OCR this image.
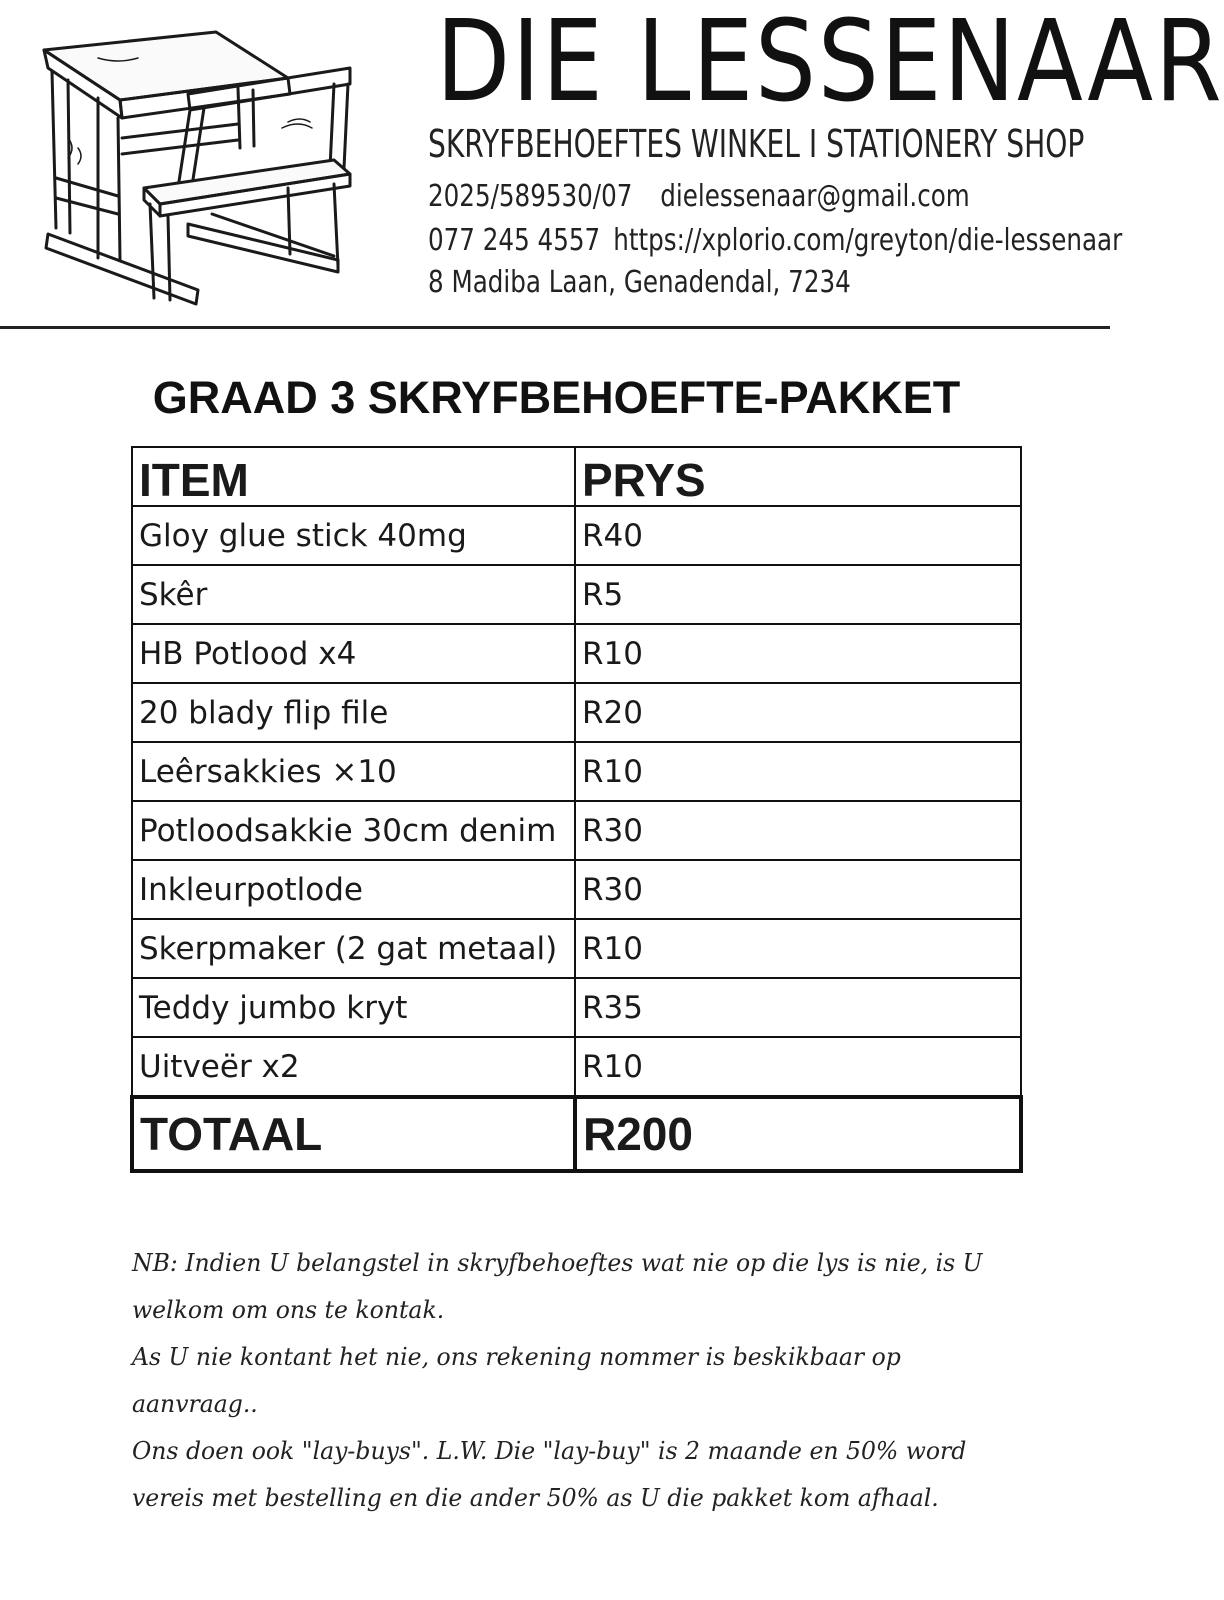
DIE LESSENAAR
SKRYFBEHOEFTES WINKEL I STATIONERY SHOP
2025/589530/07 dielessenaar@gmail.com
077 245 4557 https://xplorio.com/greyton/die-lessenaar
8 Madiba Laan, Genadendal, 7234
GRAAD 3 SKRYFBEHOEFTE-PAKKET
ITEM	PRYS
Gloy glue stick 40mg	R40
Skêr	R5
HB Potlood x4	R10
20 blady flip file	R20
Leêrsakkies ×10	R10
Potloodsakkie 30cm denim	R30
Inkleurpotlode	R30
Skerpmaker (2 gat metaal)	R10
Teddy jumbo kryt	R35
Uitveër x2	R10
TOTAAL	R200

NB: Indien U belangstel in skryfbehoeftes wat nie op die lys is nie, is U welkom om ons te kontak.

As U nie kontant het nie, ons rekening nommer is beskikbaar op aanvraag..

Ons doen ook "lay-buys". L.W. Die "lay-buy" is 2 maande en 50% word vereis met bestelling en die ander 50% as U die pakket kom afhaal.
